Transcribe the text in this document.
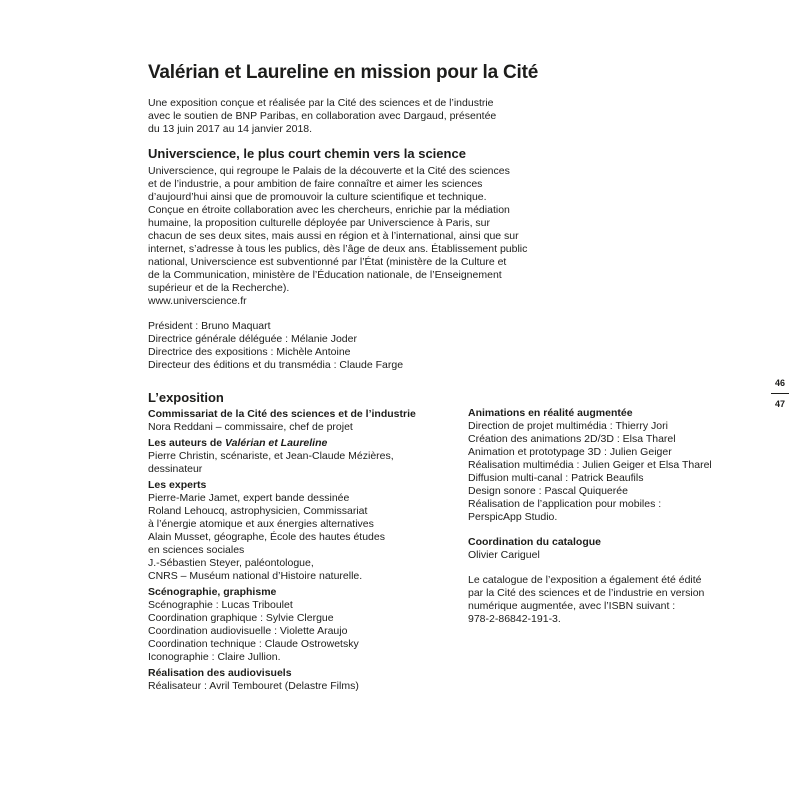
Valérian et Laureline en mission pour la Cité
Une exposition conçue et réalisée par la Cité des sciences et de l’industrie
avec le soutien de BNP Paribas, en collaboration avec Dargaud, présentée
du 13 juin 2017 au 14 janvier 2018.
Universcience, le plus court chemin vers la science
Universcience, qui regroupe le Palais de la découverte et la Cité des sciences
et de l’industrie, a pour ambition de faire connaître et aimer les sciences
d’aujourd’hui ainsi que de promouvoir la culture scientifique et technique.
Conçue en étroite collaboration avec les chercheurs, enrichie par la médiation
humaine, la proposition culturelle déployée par Universcience à Paris, sur
chacun de ses deux sites, mais aussi en région et à l’international, ainsi que sur
internet, s’adresse à tous les publics, dès l’âge de deux ans. Établissement public
national, Universcience est subventionné par l’État (ministère de la Culture et
de la Communication, ministère de l’Éducation nationale, de l’Enseignement
supérieur et de la Recherche).
www.universcience.fr
Président : Bruno Maquart
Directrice générale déléguée : Mélanie Joder
Directrice des expositions : Michèle Antoine
Directeur des éditions et du transmédia : Claude Farge
L’exposition
Commissariat de la Cité des sciences et de l’industrie
Nora Reddani – commissaire, chef de projet
Les auteurs de Valérian et Laureline
Pierre Christin, scénariste, et Jean-Claude Mézières,
dessinateur
Les experts
Pierre-Marie Jamet, expert bande dessinée
Roland Lehoucq, astrophysicien, Commissariat
à l’énergie atomique et aux énergies alternatives
Alain Musset, géographe, École des hautes études
en sciences sociales
J.-Sébastien Steyer, paléontologue,
CNRS – Muséum national d’Histoire naturelle.
Scénographie, graphisme
Scénographie : Lucas Triboulet
Coordination graphique : Sylvie Clergue
Coordination audiovisuelle : Violette Araujo
Coordination technique : Claude Ostrowetsky
Iconographie : Claire Jullion.
Réalisation des audiovisuels
Réalisateur : Avril Tembouret (Delastre Films)
Animations en réalité augmentée
Direction de projet multimédia : Thierry Jori
Création des animations 2D/3D : Elsa Tharel
Animation et prototypage 3D : Julien Geiger
Réalisation multimédia : Julien Geiger et Elsa Tharel
Diffusion multi-canal : Patrick Beaufils
Design sonore : Pascal Quiquerée
Réalisation de l’application pour mobiles :
PerspicApp Studio.
Coordination du catalogue
Olivier Cariguel
Le catalogue de l’exposition a également été édité
par la Cité des sciences et de l’industrie en version
numérique augmentée, avec l’ISBN suivant :
978-2-86842-191-3.
46
47
